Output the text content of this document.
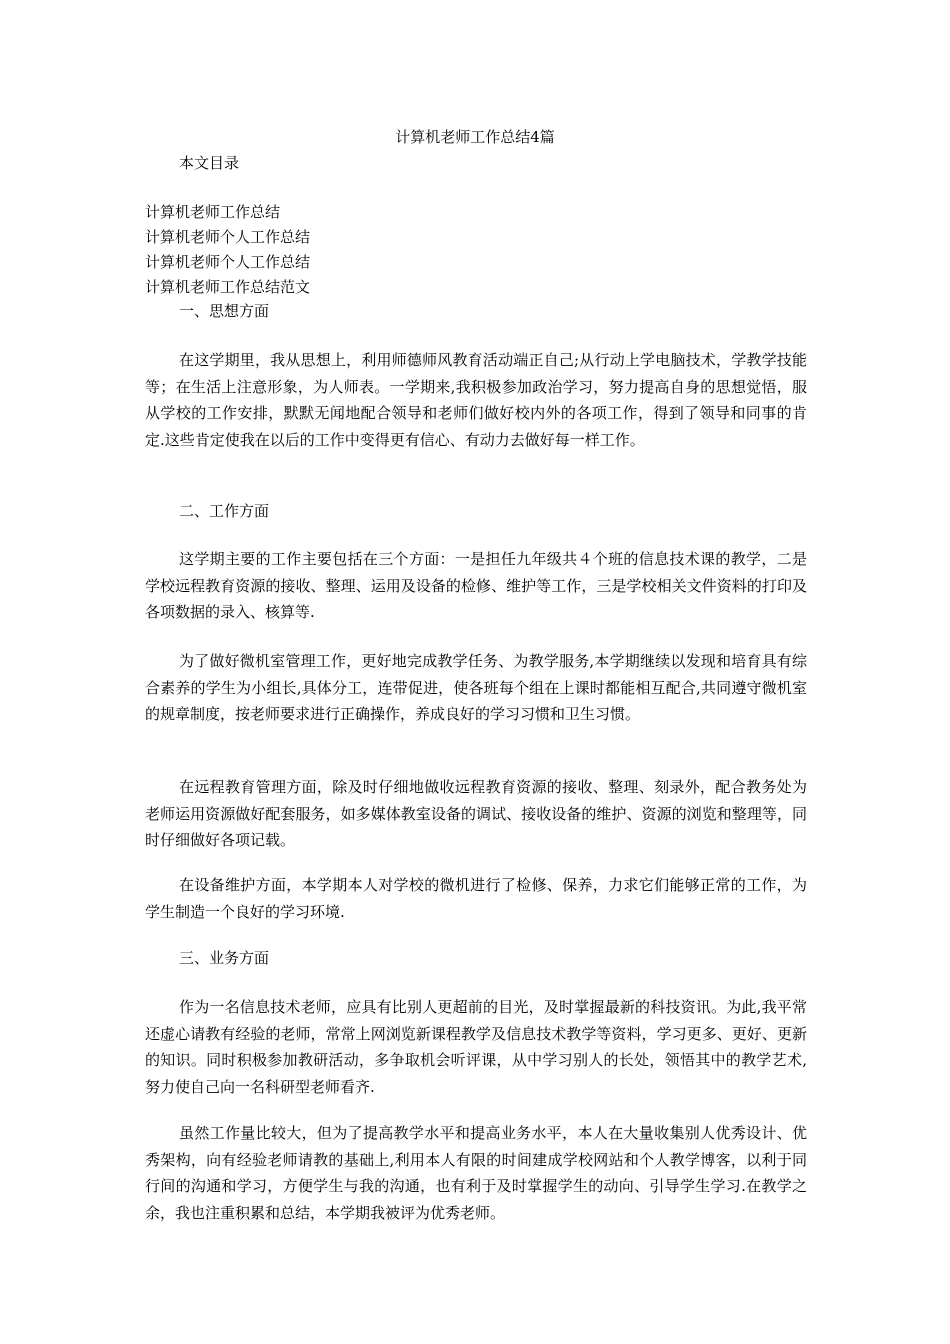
计算机老师工作总结4篇
本文目录
计算机老师工作总结
计算机老师个人工作总结
计算机老师个人工作总结
计算机老师工作总结范文
一、思想方面
在这学期里，我从思想上，利用师德师风教育活动端正自己;从行动上学电脑技术，学教学技能等；在生活上注意形象，为人师表。一学期来,我积极参加政治学习，努力提高自身的思想觉悟，服从学校的工作安排，默默无闻地配合领导和老师们做好校内外的各项工作，得到了领导和同事的肯定.这些肯定使我在以后的工作中变得更有信心、有动力去做好每一样工作。
二、工作方面
这学期主要的工作主要包括在三个方面：一是担任九年级共４个班的信息技术课的教学，二是学校远程教育资源的接收、整理、运用及设备的检修、维护等工作，三是学校相关文件资料的打印及各项数据的录入、核算等.
为了做好微机室管理工作，更好地完成教学任务、为教学服务,本学期继续以发现和培育具有综合素养的学生为小组长,具体分工，连带促进，使各班每个组在上课时都能相互配合,共同遵守微机室的规章制度，按老师要求进行正确操作，养成良好的学习习惯和卫生习惯。
在远程教育管理方面，除及时仔细地做收远程教育资源的接收、整理、刻录外，配合教务处为老师运用资源做好配套服务，如多媒体教室设备的调试、接收设备的维护、资源的浏览和整理等，同时仔细做好各项记载。
在设备维护方面，本学期本人对学校的微机进行了检修、保养，力求它们能够正常的工作，为学生制造一个良好的学习环境.
三、业务方面
作为一名信息技术老师，应具有比别人更超前的目光，及时掌握最新的科技资讯。为此,我平常还虚心请教有经验的老师，常常上网浏览新课程教学及信息技术教学等资料，学习更多、更好、更新的知识。同时积极参加教研活动，多争取机会听评课，从中学习别人的长处，领悟其中的教学艺术,努力使自己向一名科研型老师看齐.
虽然工作量比较大，但为了提高教学水平和提高业务水平，本人在大量收集别人优秀设计、优秀架构，向有经验老师请教的基础上,利用本人有限的时间建成学校网站和个人教学博客，以利于同行间的沟通和学习，方便学生与我的沟通，也有利于及时掌握学生的动向、引导学生学习.在教学之余，我也注重积累和总结，本学期我被评为优秀老师。
